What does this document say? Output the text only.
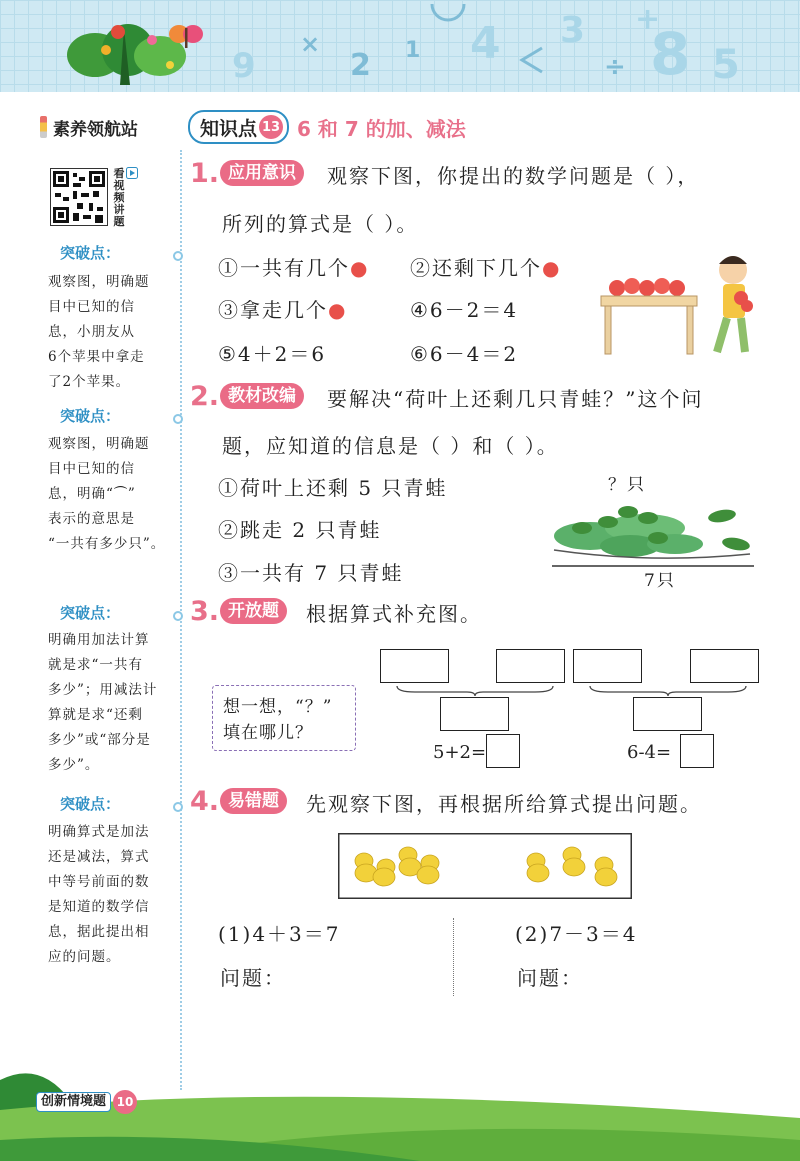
9
×
2 1 4 3 +
÷ 8 5
素养领航站	知识点 13 6 和 7 的加、减法
看
视
频
讲
题
突破点：
观察图，明确题
目中已知的信
息，小朋友从
6个苹果中拿走
了2个苹果。
突破点：
观察图，明确题
目中已知的信
息，明确“⏜”
表示的意思是
“一共有多少只”。
突破点：
明确用加法计算
就是求“一共有
多少”；用减法计
算就是求“还剩
多少”或“部分是
多少”。
突破点：
明确算式是加法
还是减法，算式
中等号前面的数
是知道的数学信
息，据此提出相
应的问题。
1. 应用意识	观察下图，你提出的数学问题是（ ），
所列的算式是（ ）。
①一共有几个● ②还剩下几个●
③拿走几个●	④6－2＝4
⑤4＋2＝6	⑥6－4＝2
2. 教材改编	要解决“荷叶上还剩几只青蛙？”这个问
题，应知道的信息是（ ）和（ ）。
①荷叶上还剩 5 只青蛙
②跳走 2 只青蛙
③一共有 7 只青蛙
？只
7只
3. 开放题	根据算式补充图。
想一想，“？”
填在哪儿？
5+2=	6-4=
4. 易错题	先观察下图，再根据所给算式提出问题。
(1)4＋3＝7
问题：
(2)7－3＝4
问题：
创新情境题 10
